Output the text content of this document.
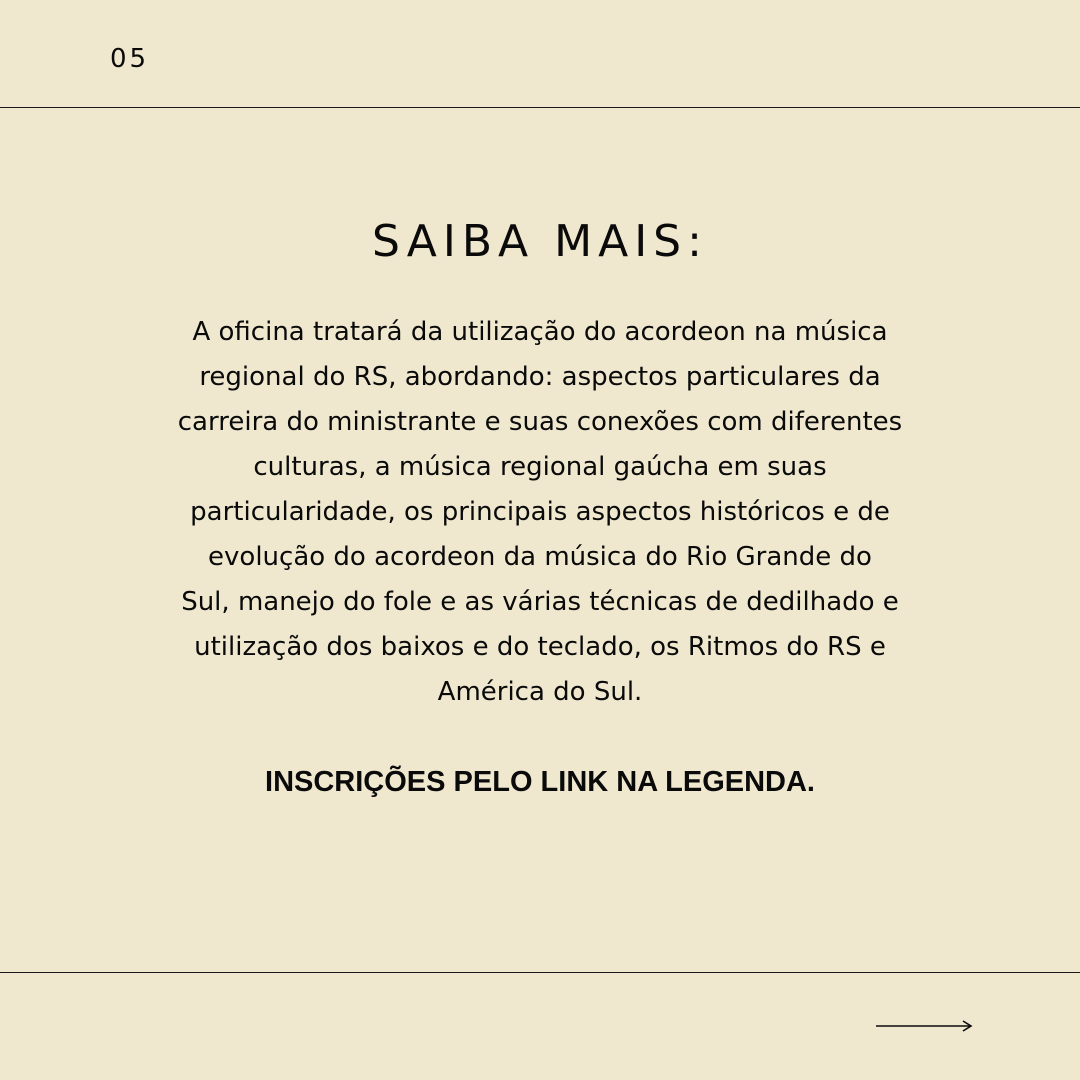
05
SAIBA MAIS:

A oficina tratará da utilização do acordeon na música
regional do RS, abordando: aspectos particulares da
carreira do ministrante e suas conexões com diferentes
culturas, a música regional gaúcha em suas
particularidade, os principais aspectos históricos e de
evolução do acordeon da música do Rio Grande do
Sul, manejo do fole e as várias técnicas de dedilhado e
utilização dos baixos e do teclado, os Ritmos do RS e
América do Sul.

INSCRIÇÕES PELO LINK NA LEGENDA.
